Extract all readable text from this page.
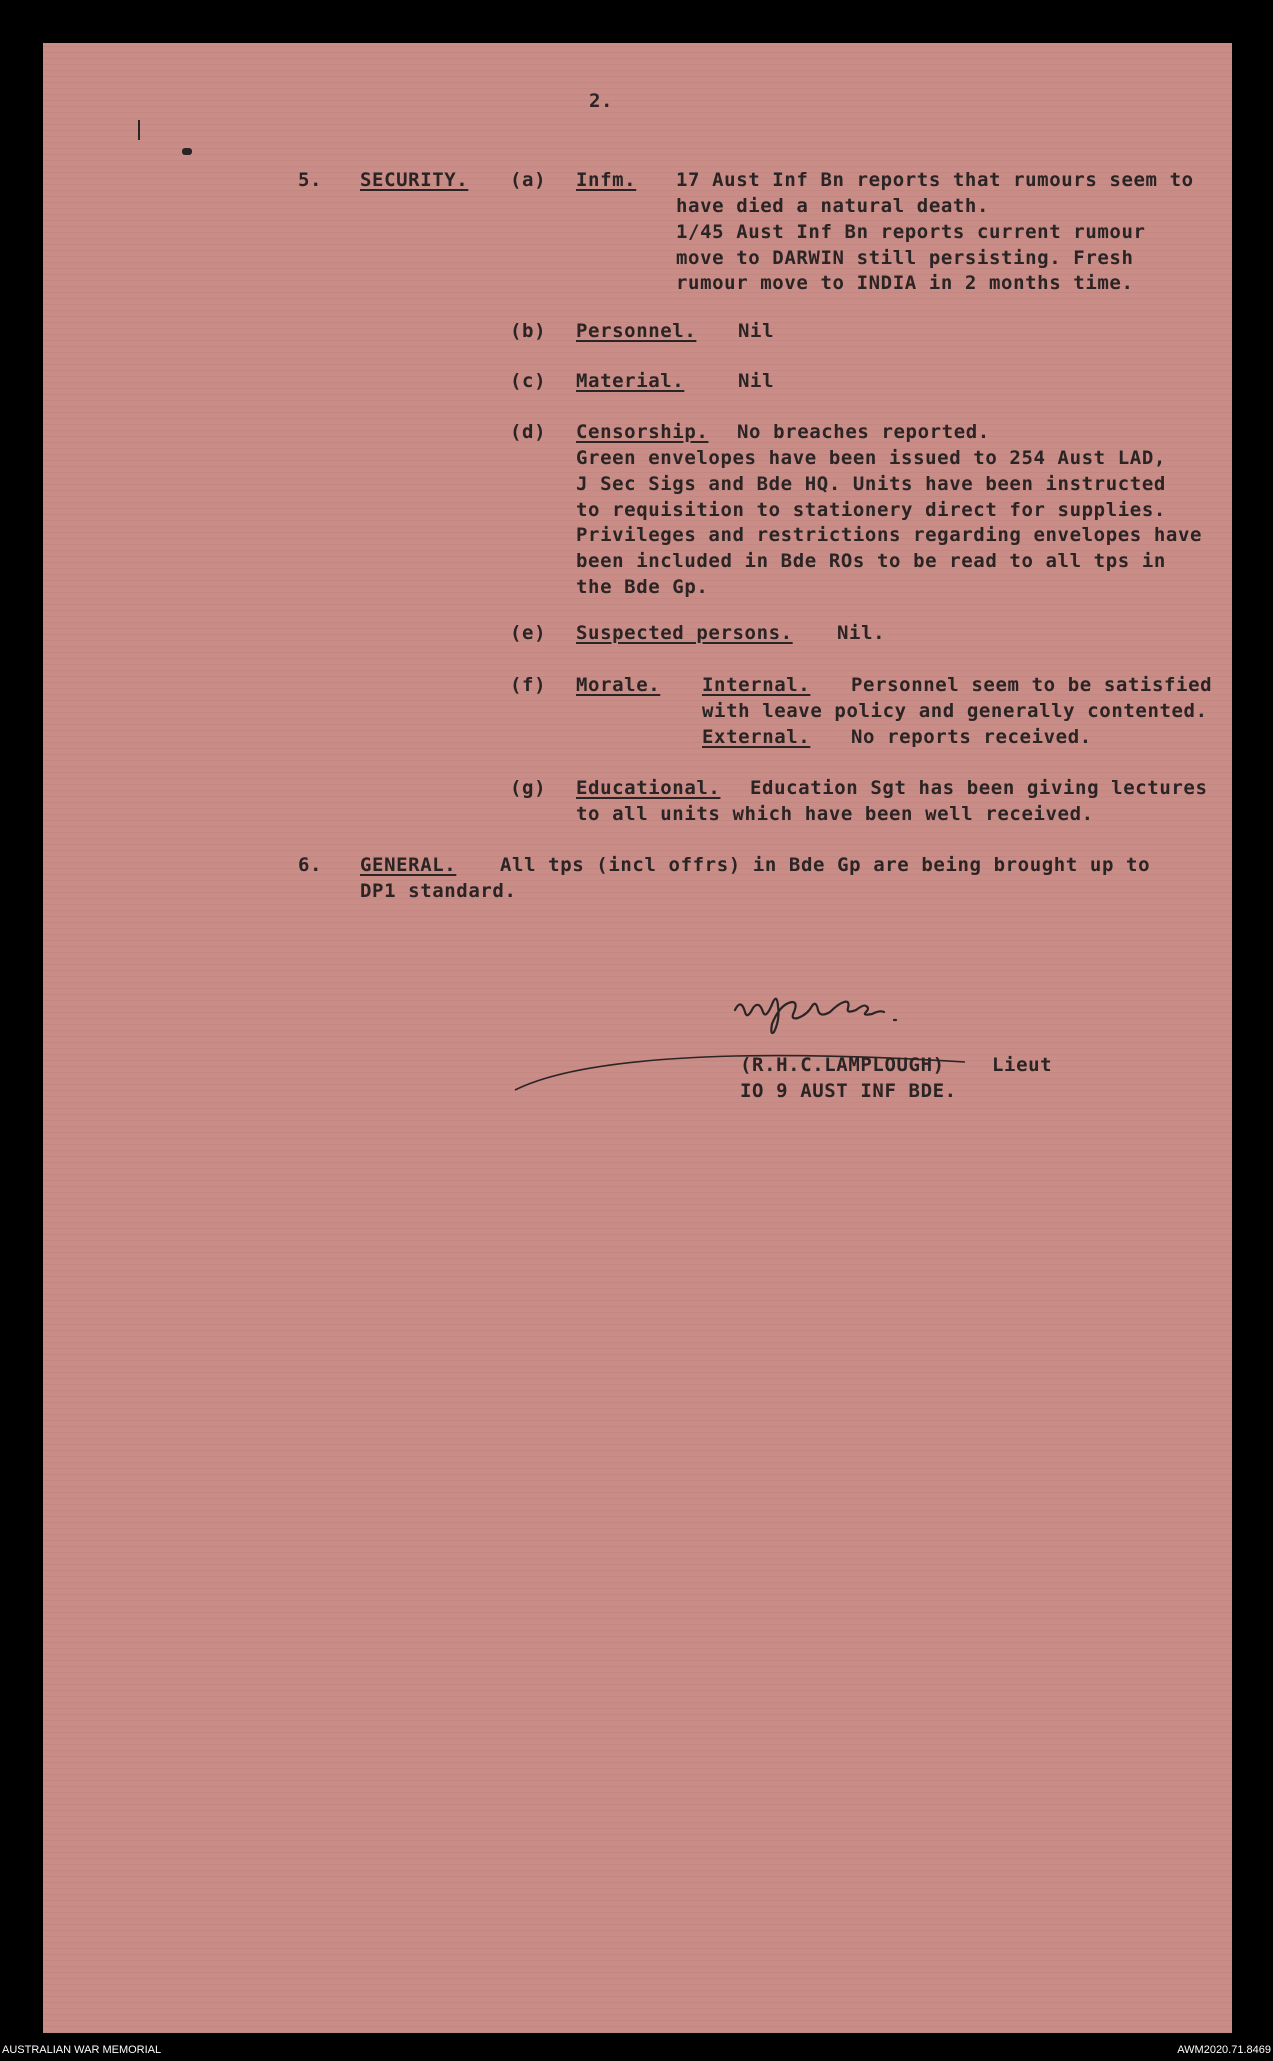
2.
5. SECURITY. (a) Infm. 17 Aust Inf Bn reports that rumours seem to
have died a natural death.
1/45 Aust Inf Bn reports current rumour
move to DARWIN still persisting. Fresh
rumour move to INDIA in 2 months time.
(b) Personnel. Nil
(c) Material.	Nil
(d) Censorship. No breaches reported.
Green envelopes have been issued to 254 Aust LAD,
J Sec Sigs and Bde HQ. Units have been instructed
to requisition to stationery direct for supplies.
Privileges and restrictions regarding envelopes have
been included in Bde ROs to be read to all tps in
the Bde Gp.
(e) Suspected persons. Nil.
(f) Morale. Internal. Personnel seem to be satisfied
with leave policy and generally contented.
External. No reports received.
(g) Educational. Education Sgt has been giving lectures
to all units which have been well received.
6. GENERAL. All tps (incl offrs) in Bde Gp are being brought up to
DP1 standard.
(R.H.C.LAMPLOUGH) Lieut
IO 9 AUST INF BDE.
AUSTRALIAN WAR MEMORIAL	AWM2020.71.8469
